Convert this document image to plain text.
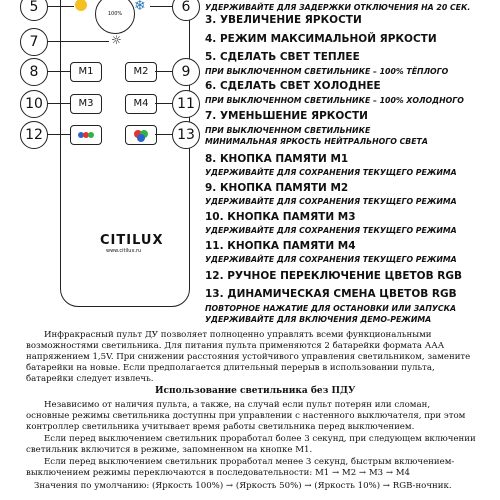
100% ❄
☼
5	6
7
M1
8	M2	9
M3
10	M4	11
12	13
CITILUX
www.citilux.ru
УДЕРЖИВАЙТЕ ДЛЯ ЗАДЕРЖКИ ОТКЛЮЧЕНИЯ НА 20 СЕК.
3. УВЕЛИЧЕНИЕ ЯРКОСТИ
4. РЕЖИМ МАКСИМАЛЬНОЙ ЯРКОСТИ
5. СДЕЛАТЬ СВЕТ ТЕПЛЕЕ
ПРИ ВЫКЛЮЧЕННОМ СВЕТИЛЬНИКЕ – 100% ТЁПЛОГО
6. СДЕЛАТЬ СВЕТ ХОЛОДНЕЕ
ПРИ ВЫКЛЮЧЕННОМ СВЕТИЛЬНИКЕ – 100% ХОЛОДНОГО
7. УМЕНЬШЕНИЕ ЯРКОСТИ
ПРИ ВЫКЛЮЧЕННОМ СВЕТИЛЬНИКЕ
МИНИМАЛЬНАЯ ЯРКОСТЬ НЕЙТРАЛЬНОГО СВЕТА
8. КНОПКА ПАМЯТИ М1
УДЕРЖИВАЙТЕ ДЛЯ СОХРАНЕНИЯ ТЕКУЩЕГО РЕЖИМА
9. КНОПКА ПАМЯТИ М2
УДЕРЖИВАЙТЕ ДЛЯ СОХРАНЕНИЯ ТЕКУЩЕГО РЕЖИМА
10. КНОПКА ПАМЯТИ М3
УДЕРЖИВАЙТЕ ДЛЯ СОХРАНЕНИЯ ТЕКУЩЕГО РЕЖИМА
11. КНОПКА ПАМЯТИ М4
УДЕРЖИВАЙТЕ ДЛЯ СОХРАНЕНИЯ ТЕКУЩЕГО РЕЖИМА
12. РУЧНОЕ ПЕРЕКЛЮЧЕНИЕ ЦВЕТОВ RGB
13. ДИНАМИЧЕСКАЯ СМЕНА ЦВЕТОВ RGB
ПОВТОРНОЕ НАЖАТИЕ ДЛЯ ОСТАНОВКИ ИЛИ ЗАПУСКА
УДЕРЖИВАЙТЕ ДЛЯ ВКЛЮЧЕНИЯ ДЕМО-РЕЖИМА
Инфракрасный пульт ДУ позволяет полноценно управлять всеми функциональными возможностями светильника. Для питания пульта применяются 2 батарейки формата ААА напряжением 1,5V. При снижении расстояния устойчивого управления светильником, замените батарейки на новые. Если предполагается длительный перерыв в использовании пульта, батарейки следует извлечь.
Использование светильника без ПДУ
Независимо от наличия пульта, а также, на случай если пульт потерян или сломан, основные режимы светильника доступны при управлении с настенного выключателя, при этом контроллер светильника учитывает время работы светильника перед выключением.
Если перед выключением светильник проработал более 3 секунд, при следующем включении светильник включится в режиме, запомненном на кнопке М1.
Если перед выключением светильник проработал менее 3 секунд, быстрым включением-выключением режимы переключаются в последовательности: М1 → М2 → М3 → М4
Значения по умолчанию: (Яркость 100%) → (Яркость 50%) → (Яркость 10%) → RGB-ночник.
